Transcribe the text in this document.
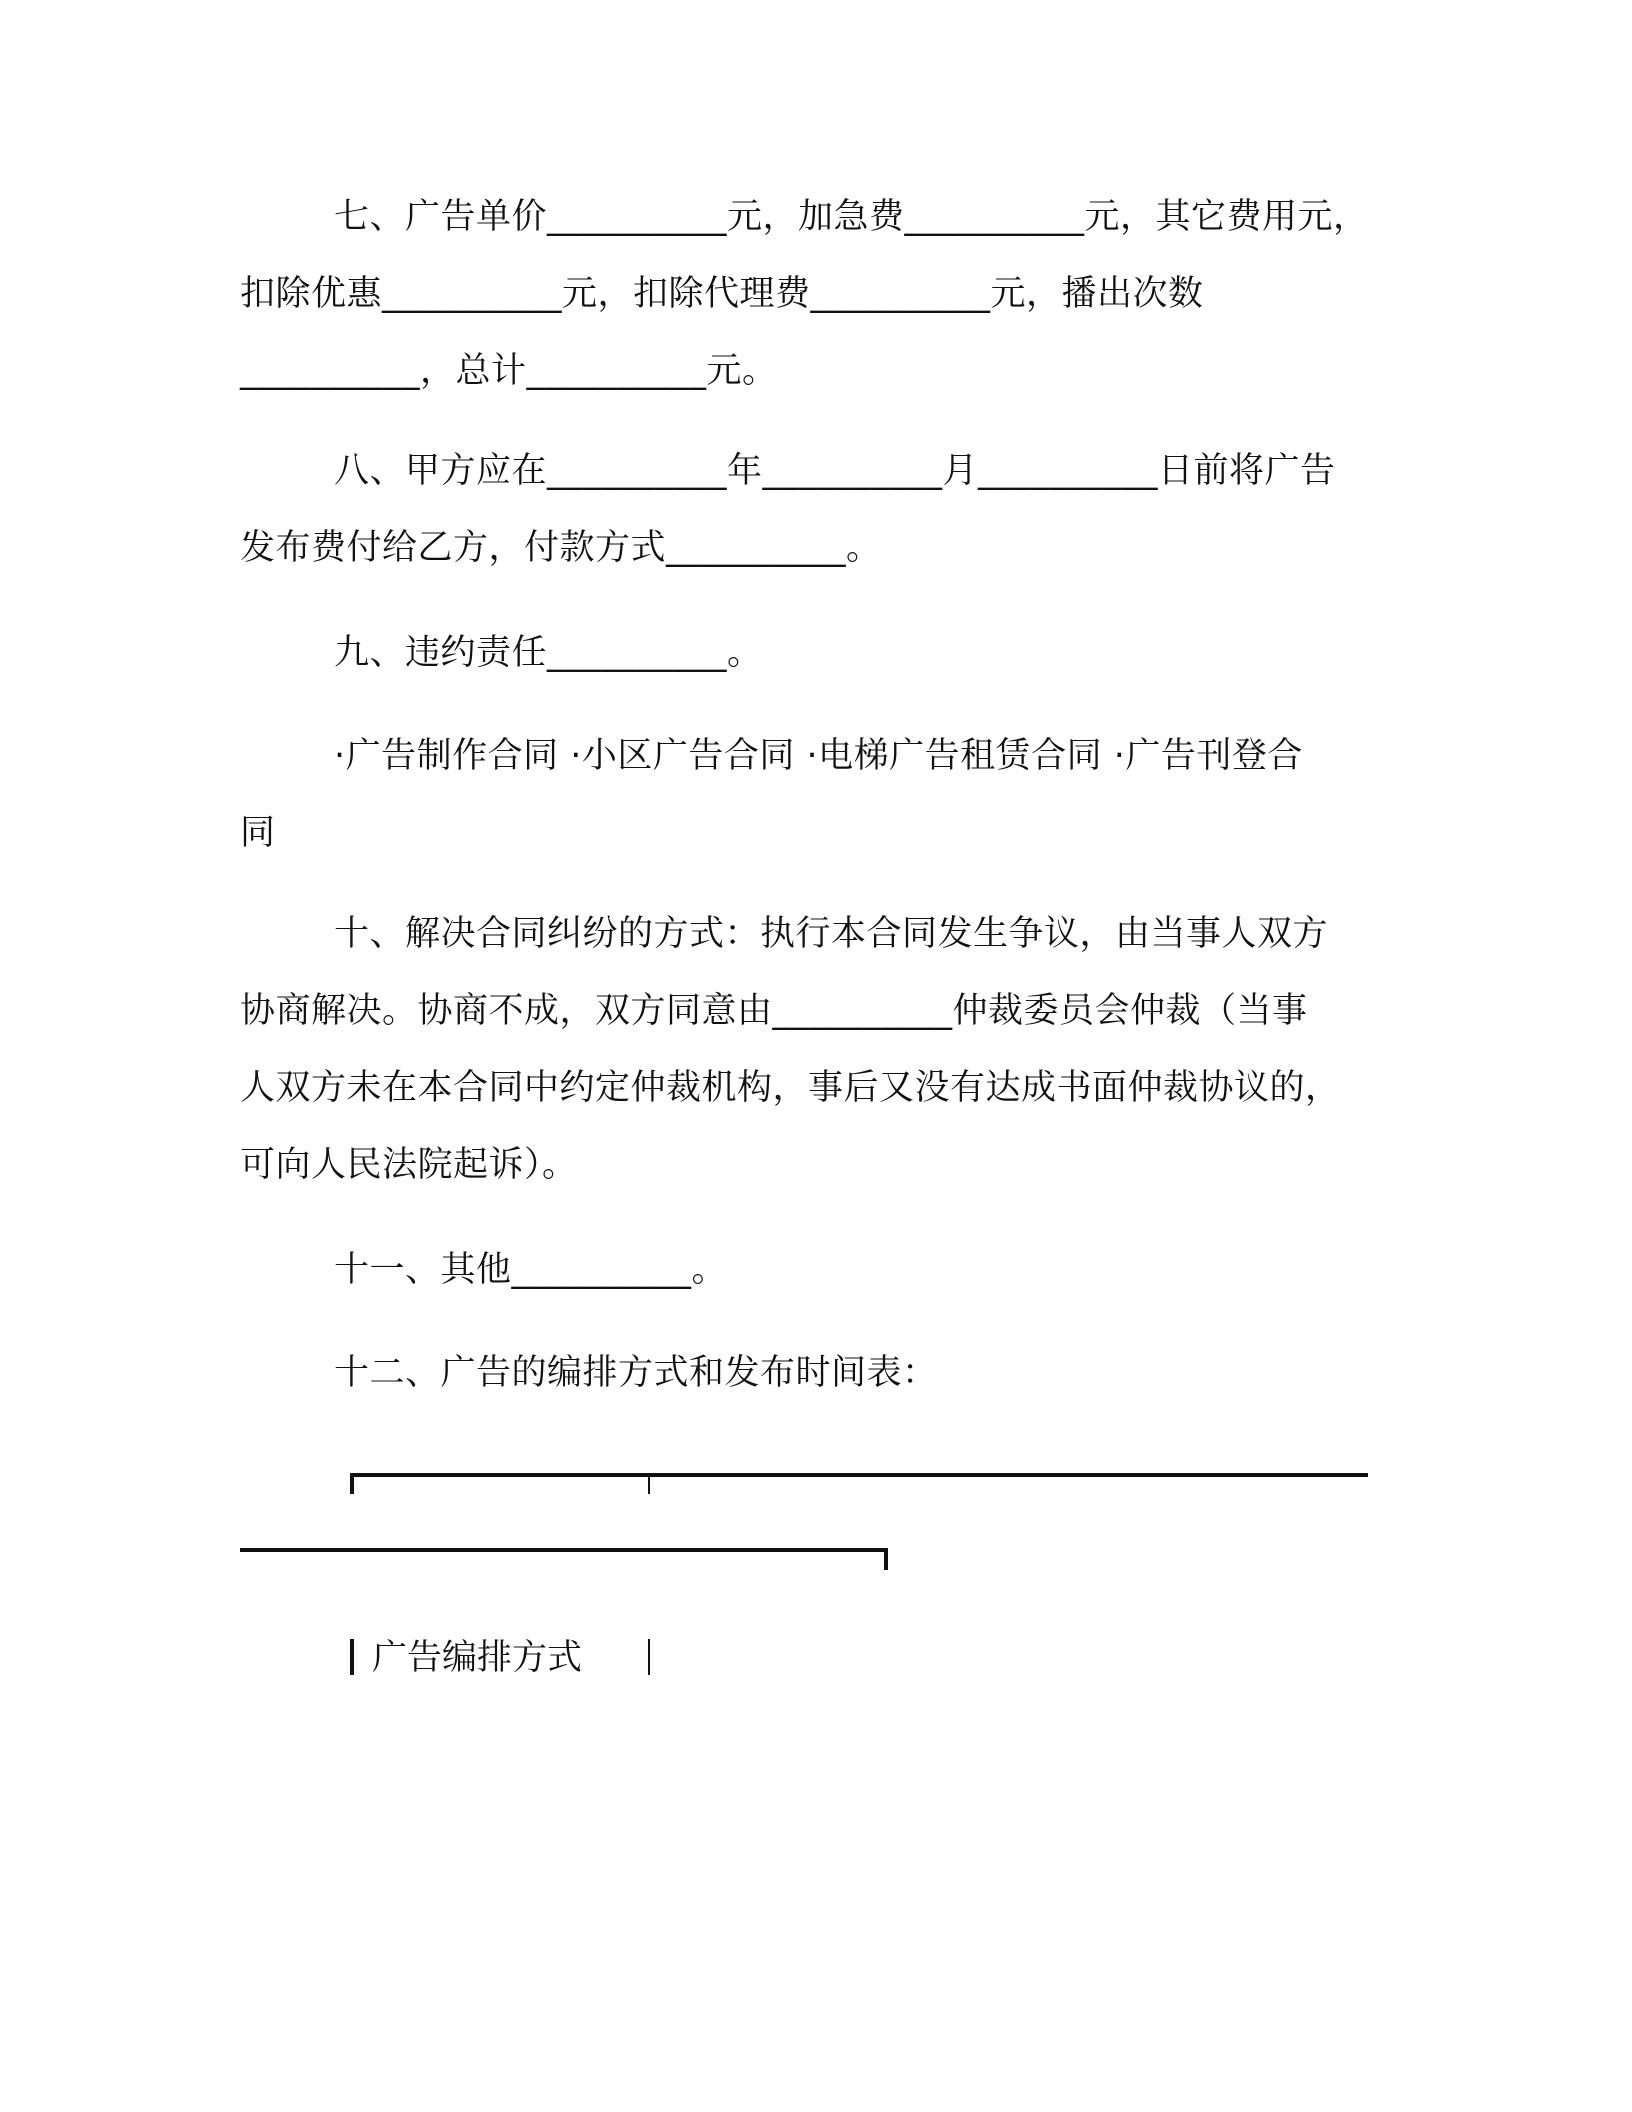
七、广告单价__________元，加急费__________元，其它费用元，
扣除优惠__________元，扣除代理费__________元，播出次数
__________，总计__________元。
八、甲方应在__________年__________月__________日前将广告
发布费付给乙方，付款方式__________。
九、违约责任__________。
·广告制作合同 ·小区广告合同 ·电梯广告租赁合同 ·广告刊登合
同
十、解决合同纠纷的方式：执行本合同发生争议，由当事人双方
协商解决。协商不成，双方同意由__________仲裁委员会仲裁（当事
人双方未在本合同中约定仲裁机构，事后又没有达成书面仲裁协议的，
可向人民法院起诉）。
十一、其他__________。
十二、广告的编排方式和发布时间表：
广告编排方式
